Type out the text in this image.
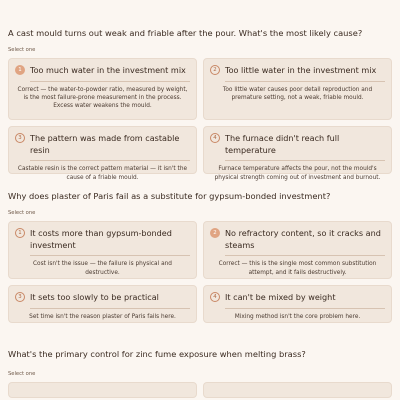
A cast mould turns out weak and friable after the pour. What's the most likely cause?
Select one
1	Too much water in the investment mix
Correct — the water-to-powder ratio, measured by weight, is the most failure-prone measurement in the process. Excess water weakens the mould.
2	Too little water in the investment mix
Too little water causes poor detail reproduction and premature setting, not a weak, friable mould.
3	The pattern was made from castable resin
Castable resin is the correct pattern material — it isn't the cause of a friable mould.
4	The furnace didn't reach full temperature
Furnace temperature affects the pour, not the mould's physical strength coming out of investment and burnout.
Why does plaster of Paris fail as a substitute for gypsum-bonded investment?
Select one
1	It costs more than gypsum-bonded investment
Cost isn't the issue — the failure is physical and destructive.
2	No refractory content, so it cracks and steams
Correct — this is the single most common substitution attempt, and it fails destructively.
3	It sets too slowly to be practical
Set time isn't the reason plaster of Paris fails here.
4	It can't be mixed by weight
Mixing method isn't the core problem here.
What's the primary control for zinc fume exposure when melting brass?
Select one
